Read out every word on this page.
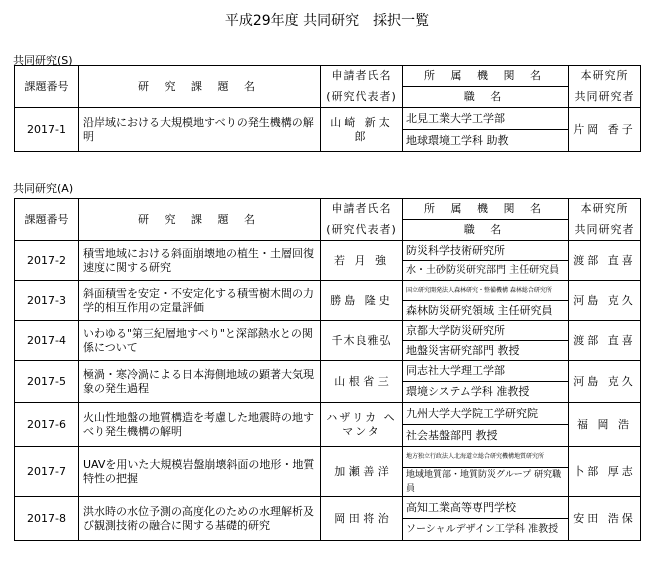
平成29年度 共同研究　採択一覧
共同研究(S)
課題番号	研 究 課 題 名	申請者氏名	所 属 機 関 名	本研究所
		(研究代表者)	職 名	共同研究者
2017-1	沿岸域における大規模地すべりの発生機構の解明	山崎 新太郎	北見工業大学工学部	片岡 香子
			地球環境工学科 助教	
共同研究(A)
課題番号	研 究 課 題 名	申請者氏名	所 属 機 関 名	本研究所
		(研究代表者)	職 名	共同研究者
2017-2	積雪地域における斜面崩壊地の植生・土層回復速度に関する研究	若 月 強	防災科学技術研究所	渡部 直喜
			水・土砂防災研究部門 主任研究員	
2017-3	斜面積雪を安定・不安定化する積雪樹木間の力学的相互作用の定量評価	勝島 隆史	国立研究開発法人森林研究・整備機構 森林総合研究所	河島 克久
			森林防災研究領域 主任研究員	
2017-4	いわゆる"第三紀層地すべり"と深部熱水との関係について	千木良雅弘	京都大学防災研究所	渡部 直喜
			地盤災害研究部門 教授	
2017-5	極渦・寒冷渦による日本海側地域の顕著大気現象の発生過程	山 根 省 三	同志社大学理工学部	河島 克久
			環境システム学科 准教授	
2017-6	火山性地盤の地質構造を考慮した地震時の地すべり発生機構の解明	ハザリカ ヘマンタ	九州大学大学院工学研究院	福 岡 浩
			社会基盤部門 教授	
2017-7	UAVを用いた大規模岩盤崩壊斜面の地形・地質特性の把握	加 瀬 善 洋	地方独立行政法人北海道立総合研究機構地質研究所	卜部 厚志
			地域地質部・地質防災グループ 研究職員	
2017-8	洪水時の水位予測の高度化のための水理解析及び観測技術の融合に関する基礎的研究	岡 田 将 治	高知工業高等専門学校	安田 浩保
			ソーシャルデザイン工学科 准教授	
